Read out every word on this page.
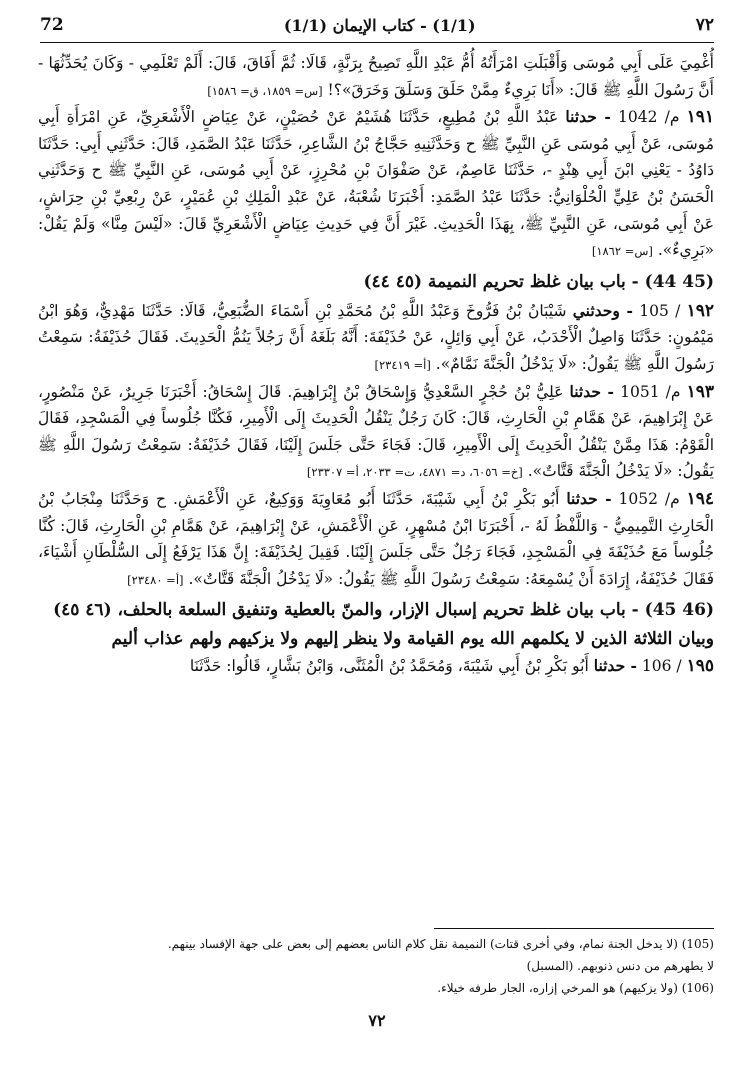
72	(1/1) - كتاب الإيمان (1/1)	٧٢

أُغْمِيَ عَلَى أَبِي مُوسَى وَأَقْبَلَتِ امْرَأَتُهُ أُمُّ عَبْدِ اللَّهِ تَصِيحُ بِرَنَّةٍ، قَالَا: ثُمَّ أَفَاقَ، قَالَ: أَلَمْ تَعْلَمِي - وَكَانَ يُحَدِّثُهَا - أَنَّ رَسُولَ اللَّهِ ﷺ قَالَ: «أَنَا بَرِيءٌ مِمَّنْ حَلَقَ وَسَلَقَ وَخَرَقَ»؟! [س= ١٨٥٩، ق= ١٥٨٦]

١٩١ 104م/ 2 - حدثنا عَبْدُ اللَّهِ بْنُ مُطِيعٍ، حَدَّثَنَا هُشَيْمٌ عَنْ حُصَيْنٍ، عَنْ عِيَاضٍ الْأَشْعَرِيِّ، عَنِ امْرَأَةِ أَبِي مُوسَى، عَنْ أَبِي مُوسَى عَنِ النَّبِيِّ ﷺ ح وَحَدَّثَنِيهِ حَجَّاجُ بْنُ الشَّاعِرِ، حَدَّثَنَا عَبْدُ الصَّمَدِ، قَالَ: حَدَّثَنِي أَبِي: حَدَّثَنَا دَاوُدُ - يَعْنِي ابْنَ أَبِي هِنْدٍ -، حَدَّثَنَا عَاصِمٌ، عَنْ صَفْوَانَ بْنِ مُحْرِزٍ، عَنْ أَبِي مُوسَى، عَنِ النَّبِيِّ ﷺ ح وَحَدَّثَنِي الْحَسَنُ بْنُ عَلِيٍّ الْحُلْوَانِيُّ: حَدَّثَنَا عَبْدُ الصَّمَدِ: أَخْبَرَنَا شُعْبَةُ، عَنْ عَبْدِ الْمَلِكِ بْنِ عُمَيْرٍ، عَنْ رِبْعِيِّ بْنِ حِرَاشٍ، عَنْ أَبِي مُوسَى، عَنِ النَّبِيِّ ﷺ، بِهَذَا الْحَدِيثِ. غَيْرَ أَنَّ فِي حَدِيثِ عِيَاضٍ الْأَشْعَرِيِّ قَالَ: «لَيْسَ مِنَّا» وَلَمْ يَقُلْ: «بَرِيءٌ». [س= ١٨٦٢]

(45 44) - باب بيان غلظ تحريم النميمة (٤٥ ٤٤)

١٩٢ 105 / - وحدثني شَيْبَانُ بْنُ فَرُّوخَ وَعَبْدُ اللَّهِ بْنُ مُحَمَّدِ بْنِ أَسْمَاءَ الضُّبَعِيُّ، قَالَا: حَدَّثَنَا مَهْدِيٌّ، وَهُوَ ابْنُ مَيْمُونٍ: حَدَّثَنَا وَاصِلٌ الْأَحْدَبُ، عَنْ أَبِي وَائِلٍ، عَنْ حُذَيْفَةَ: أَنَّهُ بَلَغَهُ أَنَّ رَجُلاً يَنُمُّ الْحَدِيثَ. فَقَالَ حُذَيْفَةُ: سَمِعْتُ رَسُولَ اللَّهِ ﷺ يَقُولُ: «لَا يَدْخُلُ الْجَنَّةَ نَمَّامٌ». [أ= ٢٣٤١٩]

١٩٣ 105م/ 1 - حدثنا عَلِيُّ بْنُ حُجْرٍ السَّعْدِيُّ وَإِسْحَاقُ بْنُ إِبْرَاهِيمَ. قَالَ إِسْحَاقُ: أَخْبَرَنَا جَرِيرٌ، عَنْ مَنْصُورٍ، عَنْ إِبْرَاهِيمَ، عَنْ هَمَّامِ بْنِ الْحَارِثِ، قَالَ: كَانَ رَجُلٌ يَنْقُلُ الْحَدِيثَ إِلَى الْأَمِيرِ، فَكُنَّا جُلُوساً فِي الْمَسْجِدِ، فَقَالَ الْقَوْمُ: هَذَا مِمَّنْ يَنْقُلُ الْحَدِيثَ إِلَى الْأَمِيرِ، قَالَ: فَجَاءَ حَتَّى جَلَسَ إِلَيْنَا، فَقَالَ حُذَيْفَةُ: سَمِعْتُ رَسُولَ اللَّهِ ﷺ يَقُولُ: «لَا يَدْخُلُ الْجَنَّةَ قَتَّاتٌ». [خ= ٦٠٥٦، د= ٤٨٧١، ت= ٢٠٣٣، أ= ٢٣٣٠٧]

١٩٤ 105م/ 2 - حدثنا أَبُو بَكْرِ بْنُ أَبِي شَيْبَةَ، حَدَّثَنَا أَبُو مُعَاوِيَةَ وَوَكِيعٌ، عَنِ الْأَعْمَشِ. ح وَحَدَّثَنَا مِنْجَابُ بْنُ الْحَارِثِ التَّمِيمِيُّ - وَاللَّفْظُ لَهُ -، أَخْبَرَنَا ابْنُ مُسْهِرٍ، عَنِ الْأَعْمَشِ، عَنْ إِبْرَاهِيمَ، عَنْ هَمَّامِ بْنِ الْحَارِثِ، قَالَ: كُنَّا جُلُوساً مَعَ حُذَيْفَةَ فِي الْمَسْجِدِ، فَجَاءَ رَجُلٌ حَتَّى جَلَسَ إِلَيْنَا. فَقِيلَ لِحُذَيْفَةَ: إِنَّ هَذَا يَرْفَعُ إِلَى السُّلْطَانِ أَشْيَاءَ، فَقَالَ حُذَيْفَةُ، إِرَادَةَ أَنْ يُسْمِعَهُ: سَمِعْتُ رَسُولَ اللَّهِ ﷺ يَقُولُ: «لَا يَدْخُلُ الْجَنَّةَ قَتَّاتٌ». [أ= ٢٣٤٨٠]

(46 45) - باب بيان غلظ تحريم إسبال الإزار، والمنّ بالعطية وتنفيق السلعة بالحلف، (٤٦ ٤٥)

وبيان الثلاثة الذين لا يكلمهم الله يوم القيامة ولا ينظر إليهم ولا يزكيهم ولهم عذاب أليم

١٩٥ 106 / - حدثنا أَبُو بَكْرِ بْنُ أَبِي شَيْبَةَ، وَمُحَمَّدُ بْنُ الْمُثَنَّى، وَابْنُ بَشَّارٍ، قَالُوا: حَدَّثَنَا

(105) (لا يدخل الجنة نمام، وفي أخرى قتات) النميمة نقل كلام الناس بعضهم إلى بعض على جهة الإفساد بينهم.
لا يطهرهم من دنس ذنوبهم. (المسبل)
(106) (ولا يزكيهم) هو المرخي إزاره، الجار طرفه خيلاء.
٧٢
